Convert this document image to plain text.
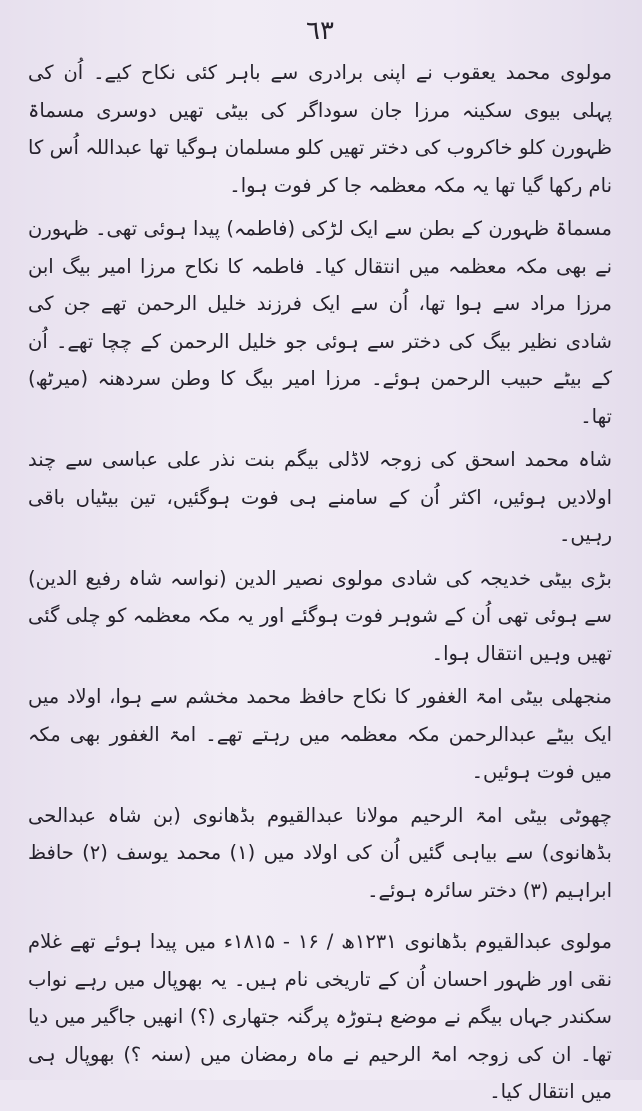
٦٣

مولوی محمد یعقوب نے اپنی برادری سے باہر کئی نکاح کیے۔ اُن کی پہلی بیوی سکینہ مرزا جان سوداگر کی بیٹی تھیں دوسری مسماۃ ظہورن کلو خاکروب کی دختر تھیں کلو مسلمان ہوگیا تھا عبداللہ اُس کا نام رکھا گیا تھا یہ مکہ معظمہ جا کر فوت ہوا۔

مسماۃ ظہورن کے بطن سے ایک لڑکی (فاطمہ) پیدا ہوئی تھی۔ ظہورن نے بھی مکہ معظمہ میں انتقال کیا۔ فاطمہ کا نکاح مرزا امیر بیگ ابن مرزا مراد سے ہوا تھا، اُن سے ایک فرزند خلیل الرحمن تھے جن کی شادی نظیر بیگ کی دختر سے ہوئی جو خلیل الرحمن کے چچا تھے۔ اُن کے بیٹے حبیب الرحمن ہوئے۔ مرزا امیر بیگ کا وطن سردھنہ (میرٹھ) تھا۔

شاہ محمد اسحق کی زوجہ لاڈلی بیگم بنت نذر علی عباسی سے چند اولادیں ہوئیں، اکثر اُن کے سامنے ہی فوت ہوگئیں، تین بیٹیاں باقی رہیں۔

بڑی بیٹی خدیجہ کی شادی مولوی نصیر الدین (نواسہ شاہ رفیع الدین) سے ہوئی تھی اُن کے شوہر فوت ہوگئے اور یہ مکہ معظمہ کو چلی گئی تھیں وہیں انتقال ہوا۔

منجھلی بیٹی امۃ الغفور کا نکاح حافظ محمد مخشم سے ہوا، اولاد میں ایک بیٹے عبدالرحمن مکہ معظمہ میں رہتے تھے۔ امۃ الغفور بھی مکہ میں فوت ہوئیں۔

چھوٹی بیٹی امۃ الرحیم مولانا عبدالقیوم بڈھانوی (بن شاہ عبدالحی بڈھانوی) سے بیاہی گئیں اُن کی اولاد میں (۱) محمد یوسف (۲) حافظ ابراہیم (۳) دختر سائرہ ہوئے۔

مولوی عبدالقیوم بڈھانوی ۱۲۳۱ھ / ۱۶ - ۱۸۱۵ء میں پیدا ہوئے تھے غلام نقی اور ظہور احسان اُن کے تاریخی نام ہیں۔ یہ بھوپال میں رہے نواب سکندر جہاں بیگم نے موضع ہتوڑہ پرگنہ جتھاری (؟) انھیں جاگیر میں دیا تھا۔ ان کی زوجہ امۃ الرحیم نے ماہ رمضان میں (سنہ ؟) بھوپال ہی میں انتقال کیا۔
